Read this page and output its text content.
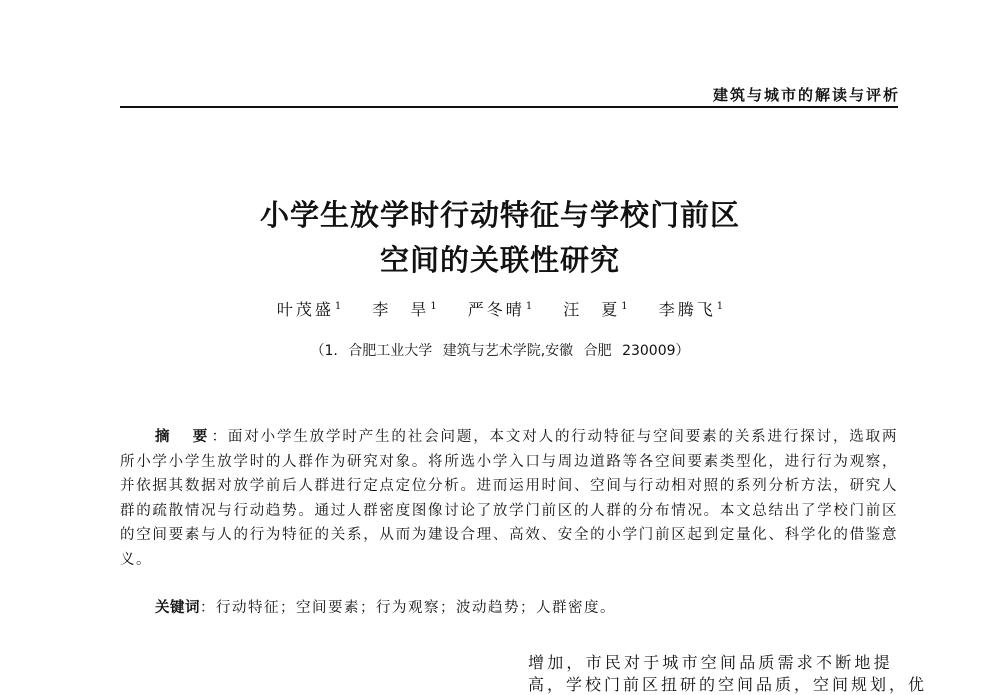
建筑与城市的解读与评析
小学生放学时行动特征与学校门前区
空间的关联性研究
叶茂盛$^1$ 李　旱$^1$ 严冬晴$^1$ 汪　夏$^1$ 李腾飞$^1$
（1. 合肥工业大学 建筑与艺术学院,安徽 合肥 230009）

摘　要：面对小学生放学时产生的社会问题，本文对人的行动特征与空间要素的关系进行探讨，选取两所小学小学生放学时的人群作为研究对象。将所选小学入口与周边道路等各空间要素类型化，进行行为观察，并依据其数据对放学前后人群进行定点定位分析。进而运用时间、空间与行动相对照的系列分析方法，研究人群的疏散情况与行动趋势。通过人群密度图像讨论了放学门前区的人群的分布情况。本文总结出了学校门前区的空间要素与人的行为特征的关系，从而为建设合理、高效、安全的小学门前区起到定量化、科学化的借鉴意义。

关键词：行动特征；空间要素；行为观察；波动趋势；人群密度。
增加，市民对于城市空间品质需求不断地提
高，学校门前区扭研的空间品质，空间规划，优
